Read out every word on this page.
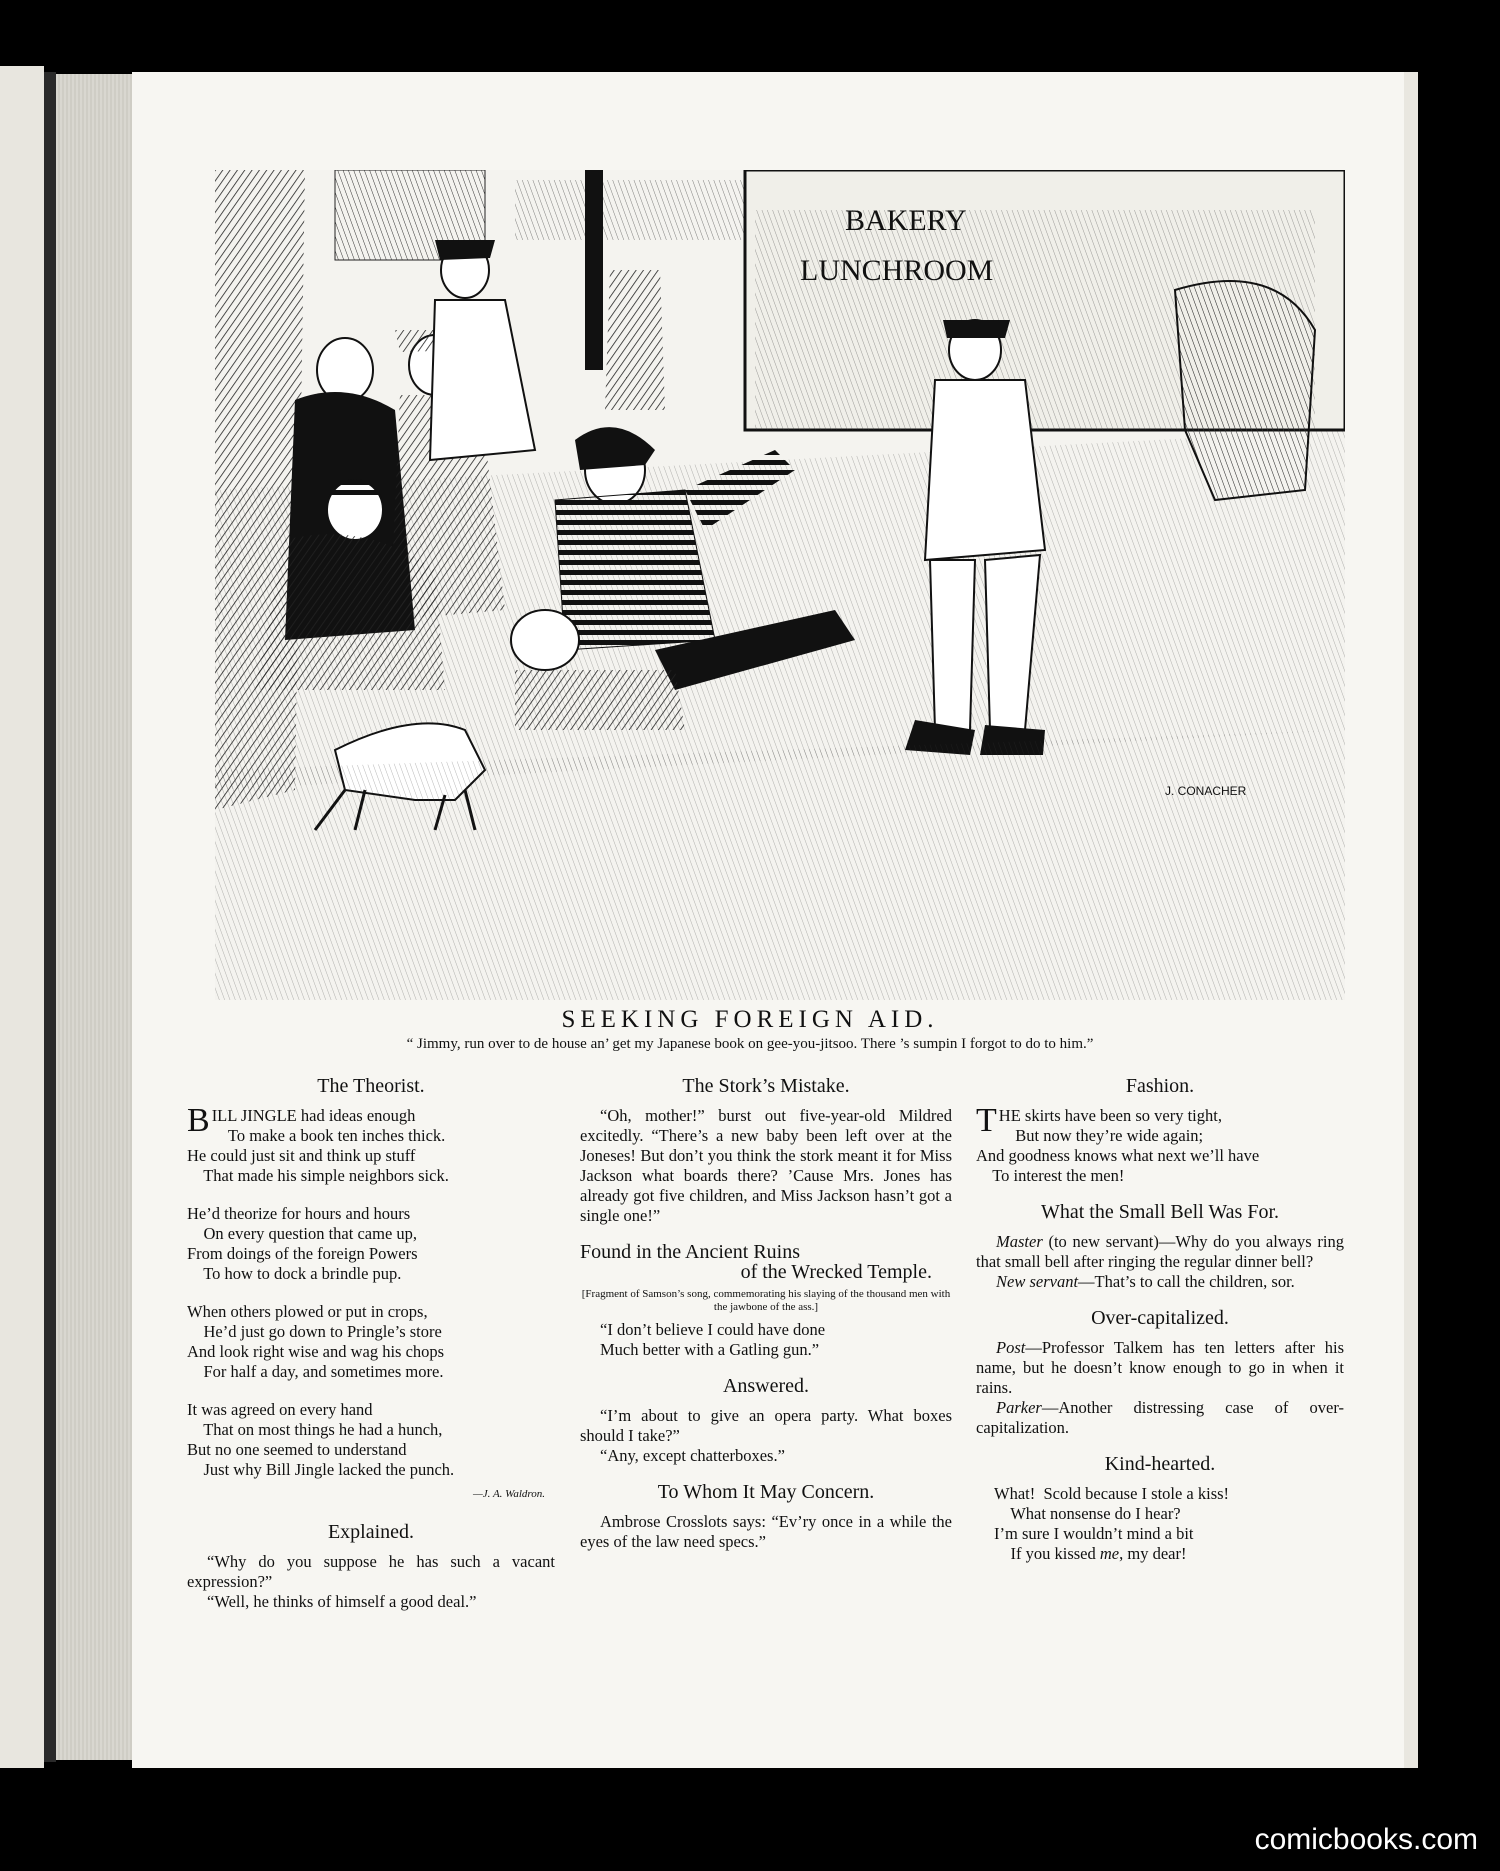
BAKERY
LUNCHROOM
J. CONACHER
SEEKING FOREIGN AID.
“ Jimmy, run over to de house an’ get my Japanese book on gee-you-jitsoo. There ’s sumpin I forgot to do to him.”
The Theorist.
B ILL JINGLE had ideas enough

To make a book ten inches thick.

He could just sit and think up stuff

That made his simple neighbors sick.

He’d theorize for hours and hours

On every question that came up,

From doings of the foreign Powers

To how to dock a brindle pup.

When others plowed or put in crops,

He’d just go down to Pringle’s store

And look right wise and wag his chops

For half a day, and sometimes more.

It was agreed on every hand

That on most things he had a hunch,

But no one seemed to understand

Just why Bill Jingle lacked the punch.

—J. A. Waldron.
Explained.

“Why do you suppose he has such a vacant expression?”

“Well, he thinks of himself a good deal.”

The Stork’s Mistake.

“Oh, mother!” burst out five-year-old Mildred excitedly. “There’s a new baby been left over at the Joneses! But don’t you think the stork meant it for Miss Jackson what boards there? ’Cause Mrs. Jones has already got five children, and Miss Jackson hasn’t got a single one!”

Found in the Ancient Ruins

of the Wrecked Temple.

[Fragment of Samson’s song, commemorating his slaying of the thousand men with the jawbone of the ass.]

“I don’t believe I could have done

Much better with a Gatling gun.”

Answered.

“I’m about to give an opera party. What boxes should I take?”

“Any, except chatterboxes.”

To Whom It May Concern.

Ambrose Crosslots says: “Ev’ry once in a while the eyes of the law need specs.”

Fashion.
T HE skirts have been so very tight,

But now they’re wide again;

And goodness knows what next we’ll have

To interest the men!

What the Small Bell Was For.

Master (to new servant)—Why do you always ring that small bell after ringing the regular dinner bell?

New servant—That’s to call the children, sor.

Over-capitalized.

Post—Professor Talkem has ten letters after his name, but he doesn’t know enough to go in when it rains.

Parker—Another distressing case of over-capitalization.

Kind-hearted.

What!  Scold because I stole a kiss!

What nonsense do I hear?

I’m sure I wouldn’t mind a bit

If you kissed me, my dear!

comicbooks.com
